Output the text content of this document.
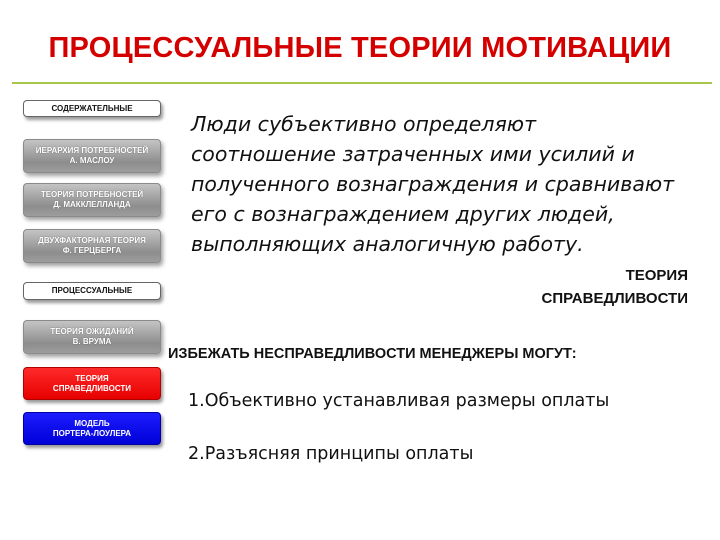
ПРОЦЕССУАЛЬНЫЕ ТЕОРИИ МОТИВАЦИИ
СОДЕРЖАТЕЛЬНЫЕ
ИЕРАРХИЯ ПОТРЕБНОСТЕЙ
А. МАСЛОУ
ТЕОРИЯ ПОТРЕБНОСТЕЙ
Д. МАККЛЕЛЛАНДА
ДВУХФАКТОРНАЯ ТЕОРИЯ
Ф. ГЕРЦБЕРГА
ПРОЦЕССУАЛЬНЫЕ
ТЕОРИЯ ОЖИДАНИЙ
В. ВРУМА
ТЕОРИЯ
СПРАВЕДЛИВОСТИ
МОДЕЛЬ
ПОРТЕРА-ЛОУЛЕРА
Люди субъективно определяют
соотношение затраченных ими усилий и
полученного вознаграждения и сравнивают
его с вознаграждением других людей,
выполняющих аналогичную работу.
ТЕОРИЯ
СПРАВЕДЛИВОСТИ
ИЗБЕЖАТЬ НЕСПРАВЕДЛИВОСТИ МЕНЕДЖЕРЫ МОГУТ:
1.Объективно устанавливая размеры оплаты
2.Разъясняя принципы оплаты
